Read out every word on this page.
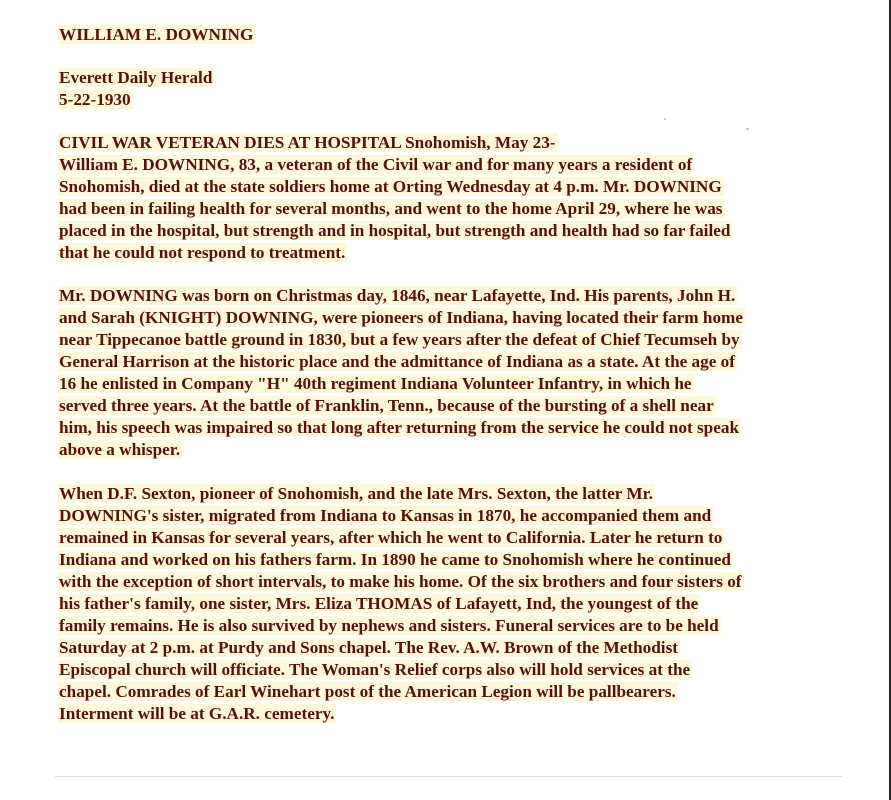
WILLIAM E. DOWNING
Everett Daily Herald
5-22-1930
CIVIL WAR VETERAN DIES AT HOSPITAL Snohomish, May 23-
William E. DOWNING, 83, a veteran of the Civil war and for many years a resident of
Snohomish, died at the state soldiers home at Orting Wednesday at 4 p.m. Mr. DOWNING
had been in failing health for several months, and went to the home April 29, where he was
placed in the hospital, but strength and in hospital, but strength and health had so far failed
that he could not respond to treatment.
Mr. DOWNING was born on Christmas day, 1846, near Lafayette, Ind. His parents, John H.
and Sarah (KNIGHT) DOWNING, were pioneers of Indiana, having located their farm home
near Tippecanoe battle ground in 1830, but a few years after the defeat of Chief Tecumseh by
General Harrison at the historic place and the admittance of Indiana as a state. At the age of
16 he enlisted in Company "H" 40th regiment Indiana Volunteer Infantry, in which he
served three years. At the battle of Franklin, Tenn., because of the bursting of a shell near
him, his speech was impaired so that long after returning from the service he could not speak
above a whisper.
When D.F. Sexton, pioneer of Snohomish, and the late Mrs. Sexton, the latter Mr.
DOWNING's sister, migrated from Indiana to Kansas in 1870, he accompanied them and
remained in Kansas for several years, after which he went to California. Later he return to
Indiana and worked on his fathers farm. In 1890 he came to Snohomish where he continued
with the exception of short intervals, to make his home. Of the six brothers and four sisters of
his father's family, one sister, Mrs. Eliza THOMAS of Lafayett, Ind, the youngest of the
family remains. He is also survived by nephews and sisters. Funeral services are to be held
Saturday at 2 p.m. at Purdy and Sons chapel. The Rev. A.W. Brown of the Methodist
Episcopal church will officiate. The Woman's Relief corps also will hold services at the
chapel. Comrades of Earl Winehart post of the American Legion will be pallbearers.
Interment will be at G.A.R. cemetery.
